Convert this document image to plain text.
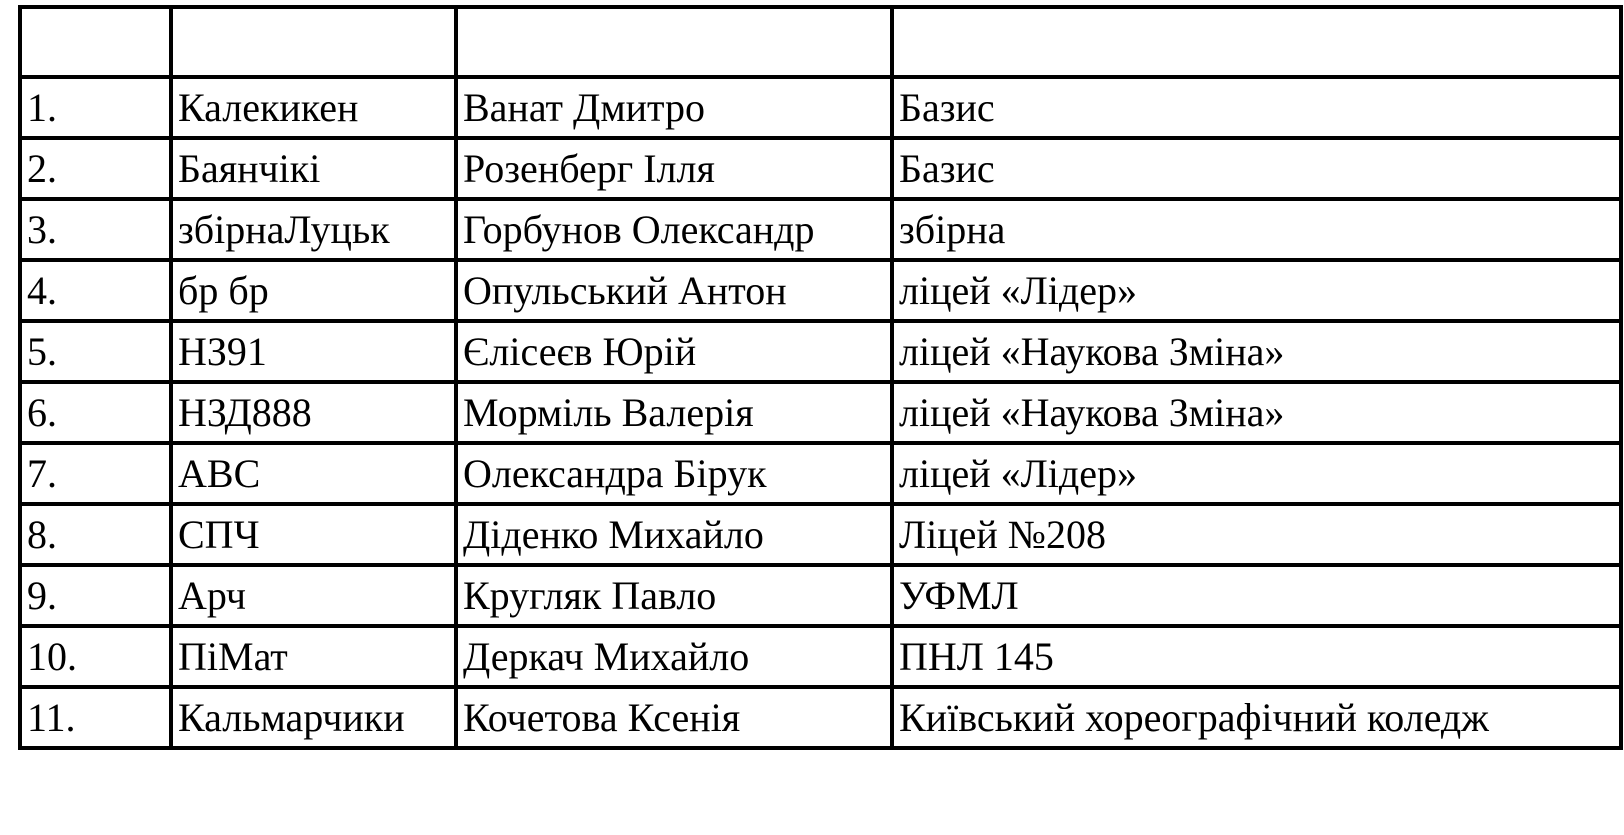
1.	Калекикен	Ванат Дмитро	Базис
2.	Баянчікі	Розенберг Ілля	Базис
3.	збірнаЛуцьк	Горбунов Олександр	збірна
4.	бр бр	Опульський Антон	ліцей «Лідер»
5.	НЗ91	Єлісеєв Юрій	ліцей «Наукова Зміна»
6.	НЗД888	Морміль Валерія	ліцей «Наукова Зміна»
7.	ABC	Олександра Бірук	ліцей «Лідер»
8.	СПЧ	Діденко Михайло	Ліцей №208
9.	Арч	Кругляк Павло	УФМЛ
10.	ПіМат	Деркач Михайло	ПНЛ 145
11.	Кальмарчики	Кочетова Ксенія	Київський хореографічний коледж
